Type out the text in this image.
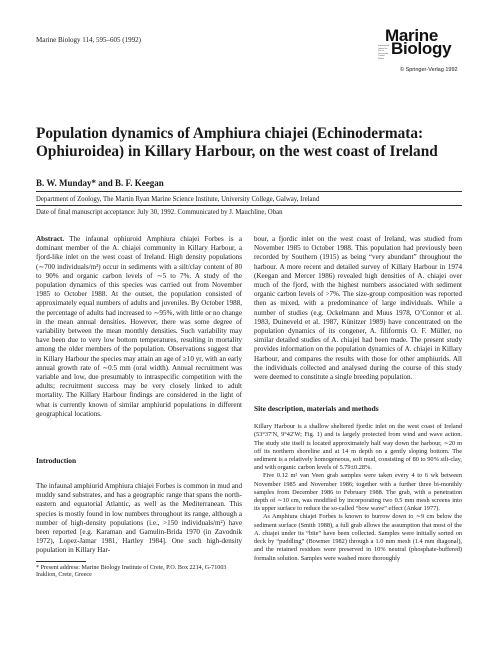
Marine Biology 114, 595–605 (1992)
International Journal on Life in Oceans and Coastal Waters
Marine
Biology
© Springer-Verlag 1992
Population dynamics of Amphiura chiajei (Echinodermata: Ophiuroidea) in Killary Harbour, on the west coast of Ireland
B. W. Munday* and B. F. Keegan
Department of Zoology, The Martin Ryan Marine Science Institute, University College, Galway, Ireland
Date of final manuscript acceptance: July 30, 1992. Communicated by J. Mauchline, Oban

Abstract. The infaunal ophiuroid Amphiura chiajei Forbes is a dominant member of the A. chiajei community in Killary Harbour, a fjord-like inlet on the west coast of Ireland. High density populations (∼700 individuals/m²) occur in sediments with a silt/clay content of 80 to 90% and organic carbon levels of ∼5 to 7%. A study of the population dynamics of this species was carried out from November 1985 to October 1988. At the outset, the population consisted of approximately equal numbers of adults and juveniles. By October 1988, the percentage of adults had increased to ∼95%, with little or no change in the mean annual densities. However, there was some degree of variability between the mean monthly densities. Such variability may have been due to very low bottom temperatures, resulting in mortality among the older members of the population. Observations suggest that in Killary Harbour the species may attain an age of ≥10 yr, with an early annual growth rate of ∼0.5 mm (oral width). Annual recruitment was variable and low, due presumably to intraspecific competition with the adults; recruitment success may be very closely linked to adult mortality. The Killary Harbour findings are considered in the light of what is currently known of similar amphiurid populations in different geographical locations.

Introduction

The infaunal amphiurid Amphiura chiajei Forbes is common in mud and muddy sand substrates, and has a geographic range that spans the north-eastern and equatorial Atlantic, as well as the Mediterranean. This species is mostly found in low numbers throughout its range, although a number of high-density populations (i.e., >150 individuals/m²) have been reported [e.g. Karaman and Gamulin-Brida 1970 (in Zavodnik 1972), Lopez-Jamar 1981, Hartley 1984]. One such high-density population in Killary Har-

* Present address: Marine Biology Institute of Crete, P.O. Box 2214, G-71003 Iraklion, Crete, Greece

bour, a fjordic inlet on the west coast of Ireland, was studied from November 1985 to October 1988. This population had previously been recorded by Southern (1915) as being “very abundant” throughout the harbour. A more recent and detailed survey of Killary Harbour in 1974 (Keegan and Mercer 1986) revealed high densities of A. chiajei over much of the fjord, with the highest numbers associated with sediment organic carbon levels of >7%. The size-group composition was reported then as mixed, with a predominance of large individuals. While a number of studies (e.g. Ockelmann and Muus 1978, O’Connor et al. 1983, Duineveld et al. 1987, Künitzer 1989) have concentrated on the population dynamics of its congener, A. filiformis O. F. Müller, no similar detailed studies of A. chiajei had been made. The present study provides information on the population dynamics of A. chiajei in Killary Harbour, and compares the results with those for other amphiurids. All the individuals collected and analysed during the course of this study were deemed to constitute a single breeding population.

Site description, materials and methods

Killary Harbour is a shallow sheltered fjordic inlet on the west coast of Ireland (53°37′N, 9°42′W; Fig. 1) and is largely protected from wind and wave action. The study site itself is located approximately half way down the harbour, ∼20 m off its northern shoreline and at 14 m depth on a gently sloping bottom. The sediment is a relatively homogeneous, soft mud, consisting of 80 to 90% silt-clay, and with organic carbon levels of 5.79±0.28%.

Five 0.12 m² van Veen grab samples were taken every 4 to 6 wk between November 1985 and November 1986; together with a further three bi-monthly samples from December 1986 to February 1988. The grab, with a penetration depth of ∼10 cm, was modified by incorporating two 0.5 mm mesh screens into its upper surface to reduce the so-called “bow wave” effect (Ankar 1977).

As Amphiura chiajei Forbes is known to burrow down to ∼9 cm below the sediment surface (Smith 1988), a full grab allows the assumption that most of the A. chiajei under its “bite” have been collected. Samples were initially sorted on deck by “puddling” (Bowmer 1982) through a 1.0 mm mesh (1.4 mm diagonal), and the retained residues were preserved in 10% neutral (phosphate-buffered) formalin solution. Samples were washed more thoroughly
